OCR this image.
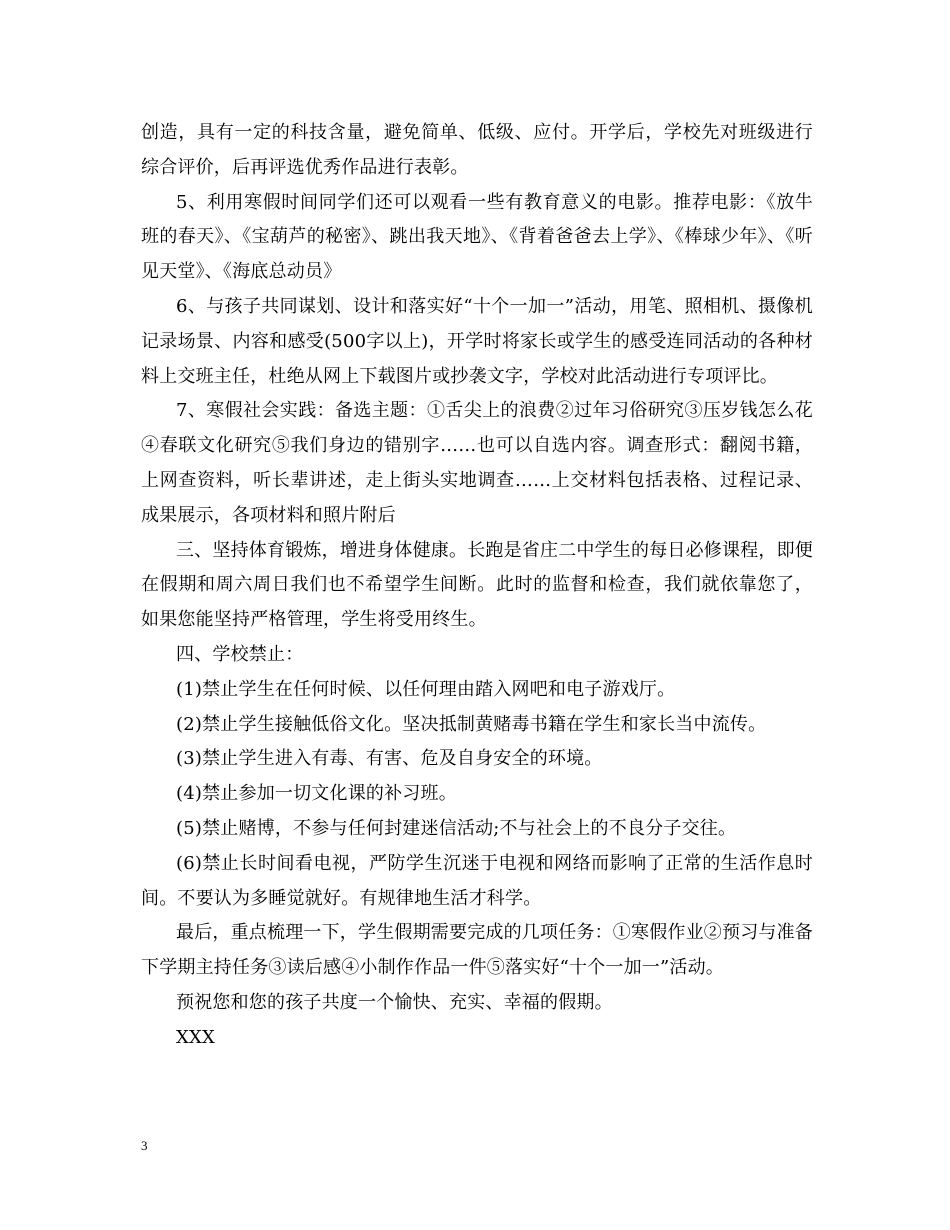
创造，具有一定的科技含量，避免简单、低级、应付。开学后，学校先对班级进行综合评价，后再评选优秀作品进行表彰。

5、利用寒假时间同学们还可以观看一些有教育意义的电影。推荐电影：《放牛班的春天》、《宝葫芦的秘密》、跳出我天地》、《背着爸爸去上学》、《棒球少年》、《听见天堂》、《海底总动员》

6、与孩子共同谋划、设计和落实好“十个一加一”活动，用笔、照相机、摄像机记录场景、内容和感受(500字以上)，开学时将家长或学生的感受连同活动的各种材料上交班主任，杜绝从网上下载图片或抄袭文字，学校对此活动进行专项评比。

7、寒假社会实践：备选主题：①舌尖上的浪费②过年习俗研究③压岁钱怎么花④春联文化研究⑤我们身边的错别字……也可以自选内容。调查形式：翻阅书籍，上网查资料，听长辈讲述，走上街头实地调查……上交材料包括表格、过程记录、成果展示，各项材料和照片附后

三、坚持体育锻炼，增进身体健康。长跑是省庄二中学生的每日必修课程，即便在假期和周六周日我们也不希望学生间断。此时的监督和检查，我们就依靠您了，如果您能坚持严格管理，学生将受用终生。

四、学校禁止：

(1)禁止学生在任何时候、以任何理由踏入网吧和电子游戏厅。

(2)禁止学生接触低俗文化。坚决抵制黄赌毒书籍在学生和家长当中流传。

(3)禁止学生进入有毒、有害、危及自身安全的环境。

(4)禁止参加一切文化课的补习班。

(5)禁止赌博，不参与任何封建迷信活动;不与社会上的不良分子交往。

(6)禁止长时间看电视，严防学生沉迷于电视和网络而影响了正常的生活作息时间。不要认为多睡觉就好。有规律地生活才科学。

最后，重点梳理一下，学生假期需要完成的几项任务：①寒假作业②预习与准备下学期主持任务③读后感④小制作作品一件⑤落实好“十个一加一”活动。

预祝您和您的孩子共度一个愉快、充实、幸福的假期。

XXX

3
